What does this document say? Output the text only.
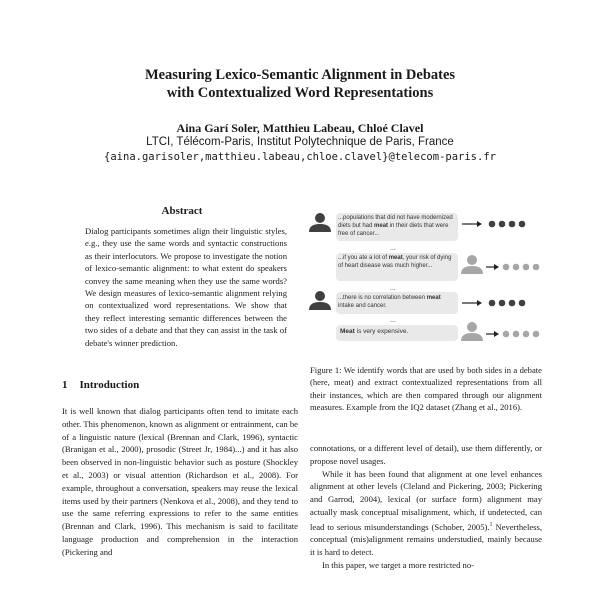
Measuring Lexico-Semantic Alignment in Debates
with Contextualized Word Representations
Aina Garí Soler, Matthieu Labeau, Chloé Clavel
LTCI, Télécom-Paris, Institut Polytechnique de Paris, France
{aina.garisoler,matthieu.labeau,chloe.clavel}@telecom-paris.fr
Abstract
Dialog participants sometimes align their linguistic styles, e.g., they use the same words and syntactic constructions as their interlocutors. We propose to investigate the notion of lexico-semantic alignment: to what extent do speakers convey the same meaning when they use the same words? We design measures of lexico-semantic alignment relying on contextualized word representations. We show that they reflect interesting semantic differences between the two sides of a debate and that they can assist in the task of debate's winner prediction.
1 Introduction
It is well known that dialog participants often tend to imitate each other. This phenomenon, known as alignment or entrainment, can be of a linguistic nature (lexical (Brennan and Clark, 1996), syntactic (Branigan et al., 2000), prosodic (Street Jr, 1984)...) and it has also been observed in non-linguistic behavior such as posture (Shockley et al., 2003) or visual attention (Richardson et al., 2008). For example, throughout a conversation, speakers may reuse the lexical items used by their partners (Nenkova et al., 2008), and they tend to use the same referring expressions to refer to the same entities (Brennan and Clark, 1996). This mechanism is said to facilitate language production and comprehension in the interaction (Pickering and
...populations that did not have modernized diets but had meat in their diets that were free of cancer...
...
...if you ate a lot of meat, your risk of dying of heart disease was much higher...
...
...there is no correlation between meat intake and cancer.
...
Meat is very expensive.
Figure 1: We identify words that are used by both sides in a debate (here, meat) and extract contextualized representations from all their instances, which are then compared through our alignment measures. Example from the IQ2 dataset (Zhang et al., 2016).

connotations, or a different level of detail), use them differently, or propose novel usages.

While it has been found that alignment at one level enhances alignment at other levels (Cleland and Pickering, 2003; Pickering and Garrod, 2004), lexical (or surface form) alignment may actually mask conceptual misalignment, which, if undetected, can lead to serious misunderstandings (Schober, 2005).$^1$ Nevertheless, conceptual (mis)alignment remains understudied, mainly because it is hard to detect.

In this paper, we target a more restricted no-
